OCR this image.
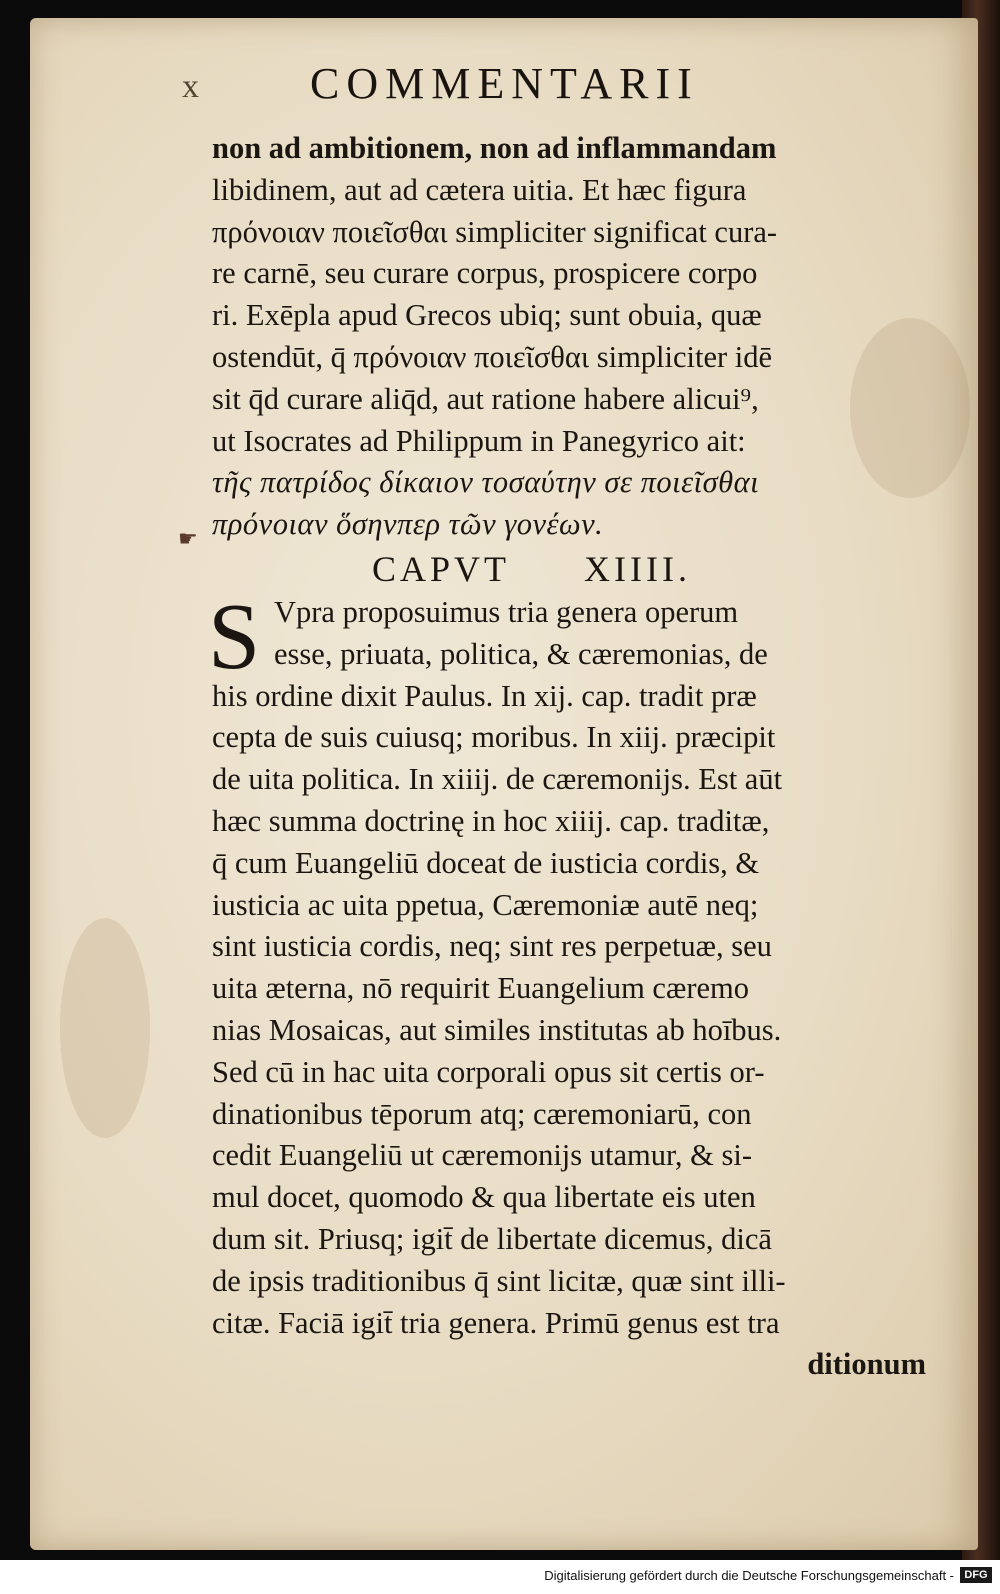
x COMMENTARII
☛
non ad ambitionem, non ad inflammandam
libidinem, aut ad cætera uitia. Et hæc figura
πρόνοιαν ποιεῖσθαι simpliciter significat cura-
re carnē, seu curare corpus, prospicere corpo
ri. Exēpla apud Grecos ubiq; sunt obuia, quæ
ostendūt, q̄ πρόνοιαν ποιεῖσθαι simpliciter idē
sit q̄d curare aliq̄d, aut ratione habere alicui⁹,
ut Isocrates ad Philippum in Panegyrico ait:
τῆς πατρίδος δίκαιον τοσαύτην σε ποιεῖσθαι
πρόνοιαν ὅσηνπερ τῶν γονέων.
CAPVT XIIII.
S Vpra proposuimus tria genera operum
esse, priuata, politica, & cæremonias, de
his ordine dixit Paulus. In xij. cap. tradit præ
cepta de suis cuiusq; moribus. In xiij. præcipit
de uita politica. In xiiij. de cæremonijs. Est aūt
hæc summa doctrinę in hoc xiiij. cap. traditæ,
q̄ cum Euangeliū doceat de iusticia cordis, &
iusticia ac uita ppetua, Cæremoniæ autē neq;
sint iusticia cordis, neq; sint res perpetuæ, seu
uita æterna, nō requirit Euangelium cæremo
nias Mosaicas, aut similes institutas ab hoībus.
Sed cū in hac uita corporali opus sit certis or-
dinationibus tēporum atq; cæremoniarū, con
cedit Euangeliū ut cæremonijs utamur, & si-
mul docet, quomodo & qua libertate eis uten
dum sit. Priusq; igit̄ de libertate dicemus, dicā
de ipsis traditionibus q̄ sint licitæ, quæ sint illi-
citæ. Faciā igit̄ tria genera. Primū genus est tra
ditionum
Digitalisierung gefördert durch die Deutsche Forschungsgemeinschaft - DFG
